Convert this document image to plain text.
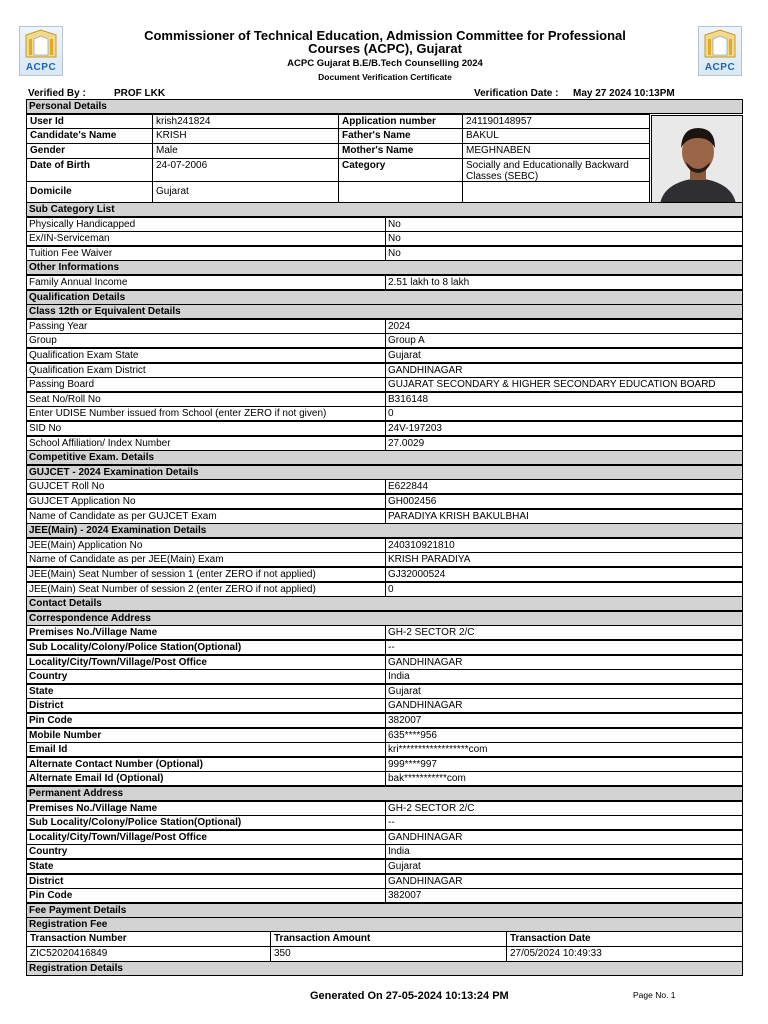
ACPC	ACPC
Commissioner of Technical Education, Admission Committee for Professional
Courses (ACPC), Gujarat
ACPC Gujarat B.E/B.Tech Counselling 2024
Document Verification Certificate
Verified By :	PROF LKK	Verification Date : May 27 2024 10:13PM
Personal Details
User Id	krish241824	Application number	241190148957
Candidate's Name	KRISH	Father's Name	BAKUL
Gender	Male	Mother's Name	MEGHNABEN
Date of Birth	24-07-2006	Category	Socially and Educationally Backward Classes (SEBC)
Domicile	Gujarat
Sub Category List
Physically Handicapped	No
Ex/IN-Serviceman	No
Tuition Fee Waiver	No
Other Informations
Family Annual Income	2.51 lakh to 8 lakh
Qualification Details
Class 12th or Equivalent Details
Passing Year	2024
Group	Group A
Qualification Exam State	Gujarat
Qualification Exam District	GANDHINAGAR
Passing Board	GUJARAT SECONDARY & HIGHER SECONDARY EDUCATION BOARD
Seat No/Roll No	B316148
Enter UDISE Number issued from School (enter ZERO if not given)	0
SID No	24V-197203
School Affiliation/ Index Number	27.0029
Competitive Exam. Details
GUJCET - 2024 Examination Details
GUJCET Roll No	E622844
GUJCET Application No	GH002456
Name of Candidate as per GUJCET Exam	PARADIYA KRISH BAKULBHAI
JEE(Main) - 2024 Examination Details
JEE(Main) Application No	240310921810
Name of Candidate as per JEE(Main) Exam	KRISH PARADIYA
JEE(Main) Seat Number of session 1 (enter ZERO if not applied)	GJ32000524
JEE(Main) Seat Number of session 2 (enter ZERO if not applied)	0
Contact Details
Correspondence Address
Premises No./Village Name	GH-2 SECTOR 2/C
Sub Locality/Colony/Police Station(Optional)	--
Locality/City/Town/Village/Post Office	GANDHINAGAR
Country	India
State	Gujarat
District	GANDHINAGAR
Pin Code	382007
Mobile Number	635****956
Email Id	kri******************com
Alternate Contact Number (Optional)	999****997
Alternate Email Id (Optional)	bak***********com
Permanent Address
Premises No./Village Name	GH-2 SECTOR 2/C
Sub Locality/Colony/Police Station(Optional)	--
Locality/City/Town/Village/Post Office	GANDHINAGAR
Country	India
State	Gujarat
District	GANDHINAGAR
Pin Code	382007
Fee Payment Details
Registration Fee
Transaction Number	Transaction Amount	Transaction Date
ZIC52020416849	350	27/05/2024 10:49:33
Registration Details
Generated On 27-05-2024 10:13:24 PM	Page No. 1
